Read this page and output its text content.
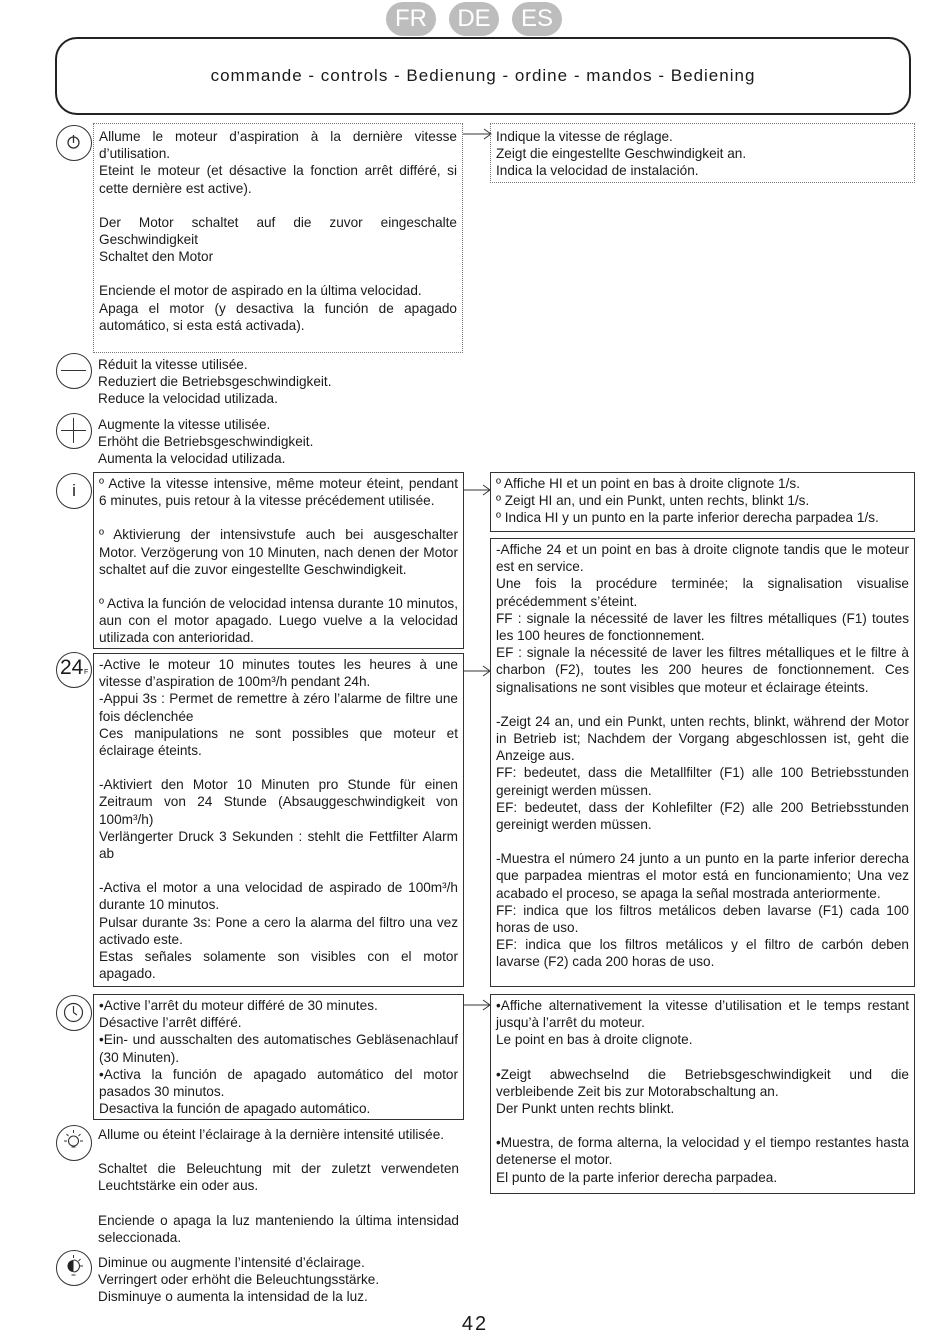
FR	DE	ES
commande - controls - Bedienung - ordine - mandos - Bediening

Allume le moteur d’aspiration à la dernière vitesse d’utilisation.
Eteint le moteur (et désactive la fonction arrêt différé, si cette dernière est active).

Der Motor schaltet auf die zuvor eingeschalte Geschwindigkeit
Schaltet den Motor

Enciende el motor de aspirado en la última velocidad.
Apaga el motor (y desactiva la función de apagado automático, si esta está activada).

Indique la vitesse de réglage.

Zeigt die eingestellte Geschwindigkeit an.

Indica la velocidad de instalación.

Réduit la vitesse utilisée.

Reduziert die Betriebsgeschwindigkeit.

Reduce la velocidad utilizada.

Augmente la vitesse utilisée.

Erhöht die Betriebsgeschwindigkeit.

Aumenta la velocidad utilizada.

i	º Active la vitesse intensive, même moteur éteint, pendant 6 minutes, puis retour à la vitesse précédement utilisée.

º Aktivierung der intensivstufe auch bei ausgeschalter Motor. Verzögerung von 10 Minuten, nach denen der Motor schaltet auf die zuvor eingestellte Geschwindigkeit.

º Activa la función de velocidad intensa durante 10 minutos, aun con el motor apagado. Luego vuelve a la velocidad utilizada con anterioridad.

º Affiche HI et un point en bas à droite clignote 1/s.

º Zeigt HI an, und ein Punkt, unten rechts, blinkt 1/s.

º Indica HI y un punto en la parte inferior derecha parpadea 1/s.

24 F

-Active le moteur 10 minutes toutes les heures à une vitesse d’aspiration de 100m³/h pendant 24h.

-Appui 3s : Permet de remettre à zéro l’alarme de filtre une fois déclenchée
Ces manipulations ne sont possibles que moteur et éclairage éteints.

-Aktiviert den Motor 10 Minuten pro Stunde für einen Zeitraum von 24 Stunde (Absauggeschwindigkeit von 100m³/h)

Verlängerter Druck 3 Sekunden : stehlt die Fettfilter Alarm ab

-Activa el motor a una velocidad de aspirado de 100m³/h durante 10 minutos.

Pulsar durante 3s: Pone a cero la alarma del filtro una vez activado este.
Estas señales solamente son visibles con el motor apagado.

-Affiche 24 et un point en bas à droite clignote tandis que le moteur est en service.
Une fois la procédure terminée; la signalisation visualise précédemment s’éteint.
FF : signale la nécessité de laver les filtres métalliques (F1) toutes les 100 heures de fonctionnement.
EF : signale la nécessité de laver les filtres métalliques et le filtre à charbon (F2), toutes les 200 heures de fonctionnement. Ces signalisations ne sont visibles que moteur et éclairage éteints.

-Zeigt 24 an, und ein Punkt, unten rechts, blinkt, während der Motor in Betrieb ist; Nachdem der Vorgang abgeschlossen ist, geht die Anzeige aus.
FF: bedeutet, dass die Metallfilter (F1) alle 100 Betriebsstunden gereinigt werden müssen.
EF: bedeutet, dass der Kohlefilter (F2) alle 200 Betriebsstunden gereinigt werden müssen.

-Muestra el número 24 junto a un punto en la parte inferior derecha que parpadea mientras el motor está en funcionamiento; Una vez acabado el proceso, se apaga la señal mostrada anteriormente.
FF: indica que los filtros metálicos deben lavarse (F1) cada 100 horas de uso.
EF: indica que los filtros metálicos y el filtro de carbón deben lavarse (F2) cada 200 horas de uso.

•Active l’arrêt du moteur différé de 30 minutes.
Désactive l’arrêt différé.

•Ein- und ausschalten des automatisches Gebläsenachlauf (30 Minuten).

•Activa la función de apagado automático del motor pasados 30 minutos.
Desactiva la función de apagado automático.

•Affiche alternativement la vitesse d’utilisation et le temps restant jusqu’à l’arrêt du moteur.
Le point en bas à droite clignote.

•Zeigt abwechselnd die Betriebsgeschwindigkeit und die verbleibende Zeit bis zur Motorabschaltung an.
Der Punkt unten rechts blinkt.

•Muestra, de forma alterna, la velocidad y el tiempo restantes hasta detenerse el motor.
El punto de la parte inferior derecha parpadea.

Allume ou éteint l’éclairage à la dernière intensité utilisée.

Schaltet die Beleuchtung mit der zuletzt verwendeten Leuchtstärke ein oder aus.

Enciende o apaga la luz manteniendo la última intensidad seleccionada.

Diminue ou augmente l’intensité d’éclairage.

Verringert oder erhöht die Beleuchtungsstärke.

Disminuye o aumenta la intensidad de la luz.

42
